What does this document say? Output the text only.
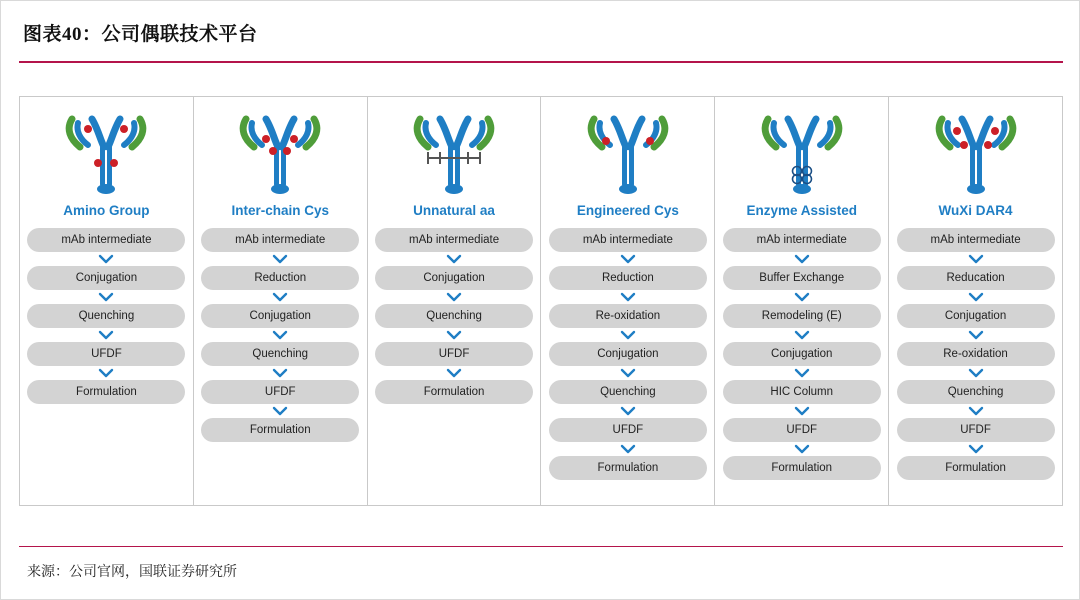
图表40：公司偶联技术平台
Amino Group
mAb intermediate
Conjugation
Quenching
UFDF
Formulation
Inter-chain Cys
mAb intermediate
Reduction
Conjugation
Quenching
UFDF
Formulation
Unnatural aa
mAb intermediate
Conjugation
Quenching
UFDF
Formulation
Engineered Cys
mAb intermediate
Reduction
Re-oxidation
Conjugation
Quenching
UFDF
Formulation
Enzyme Assisted
mAb intermediate
Buffer Exchange
Remodeling (E)
Conjugation
HIC Column
UFDF
Formulation
WuXi DAR4
mAb intermediate
Reducation
Conjugation
Re-oxidation
Quenching
UFDF
Formulation
来源：公司官网，国联证券研究所
